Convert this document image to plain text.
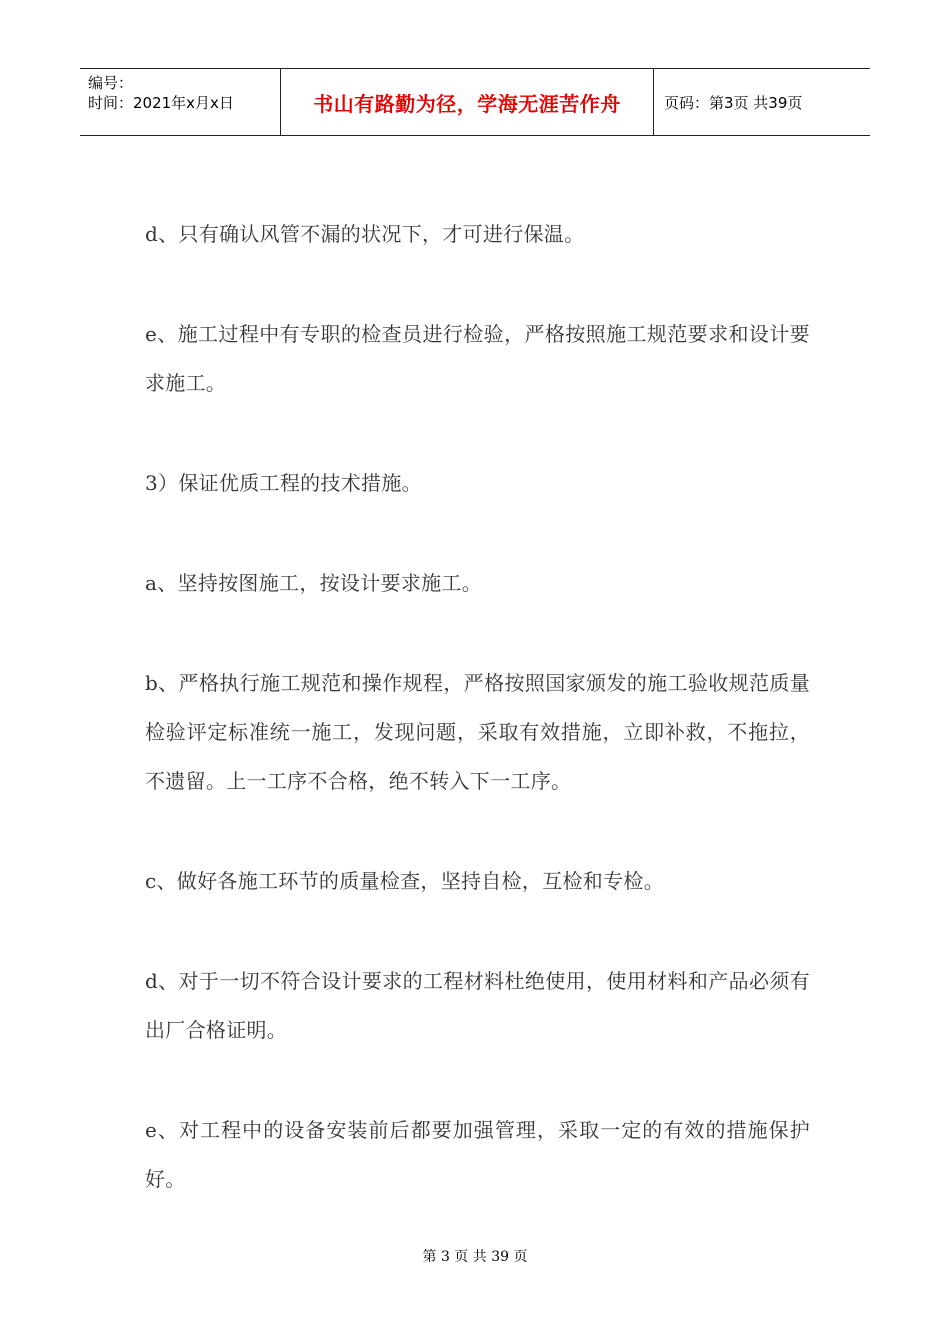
编号：
时间：2021年x月x日	书山有路勤为径，学海无涯苦作舟	页码：第3页 共39页

d、只有确认风管不漏的状况下，才可进行保温。

e、施工过程中有专职的检查员进行检验，严格按照施工规范要求和设计要求施工。

3）保证优质工程的技术措施。

a、坚持按图施工，按设计要求施工。

b、严格执行施工规范和操作规程，严格按照国家颁发的施工验收规范质量检验评定标准统一施工，发现问题，采取有效措施，立即补救，不拖拉，不遗留。上一工序不合格，绝不转入下一工序。

c、做好各施工环节的质量检查，坚持自检，互检和专检。

d、对于一切不符合设计要求的工程材料杜绝使用，使用材料和产品必须有出厂合格证明。

e、对工程中的设备安装前后都要加强管理，采取一定的有效的措施保护好。

第 3 页 共 39 页
